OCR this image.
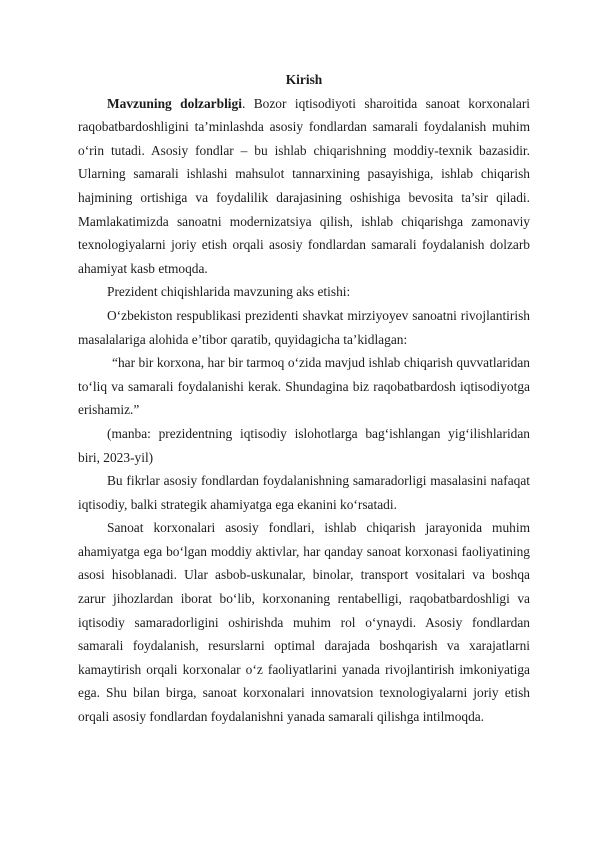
Kirish

Mavzuning dolzarbligi. Bozor iqtisodiyoti sharoitida sanoat korxonalari raqobatbardoshligini ta’minlashda asosiy fondlardan samarali foydalanish muhim o‘rin tutadi. Asosiy fondlar – bu ishlab chiqarishning moddiy-texnik bazasidir. Ularning samarali ishlashi mahsulot tannarxining pasayishiga, ishlab chiqarish hajmining ortishiga va foydalilik darajasining oshishiga bevosita ta’sir qiladi. Mamlakatimizda sanoatni modernizatsiya qilish, ishlab chiqarishga zamonaviy texnologiyalarni joriy etish orqali asosiy fondlardan samarali foydalanish dolzarb ahamiyat kasb etmoqda.

Prezident chiqishlarida mavzuning aks etishi:

O‘zbekiston respublikasi prezidenti shavkat mirziyoyev sanoatni rivojlantirish masalalariga alohida e’tibor qaratib, quyidagicha ta’kidlagan:

“har bir korxona, har bir tarmoq o‘zida mavjud ishlab chiqarish quvvatlaridan to‘liq va samarali foydalanishi kerak. Shundagina biz raqobatbardosh iqtisodiyotga erishamiz.”

(manba: prezidentning iqtisodiy islohotlarga bag‘ishlangan yig‘ilishlaridan biri, 2023-yil)

Bu fikrlar asosiy fondlardan foydalanishning samaradorligi masalasini nafaqat iqtisodiy, balki strategik ahamiyatga ega ekanini ko‘rsatadi.

Sanoat korxonalari asosiy fondlari, ishlab chiqarish jarayonida muhim ahamiyatga ega bo‘lgan moddiy aktivlar, har qanday sanoat korxonasi faoliyatining asosi hisoblanadi. Ular asbob-uskunalar, binolar, transport vositalari va boshqa zarur jihozlardan iborat bo‘lib, korxonaning rentabelligi, raqobatbardoshligi va iqtisodiy samaradorligini oshirishda muhim rol o‘ynaydi. Asosiy fondlardan samarali foydalanish, resurslarni optimal darajada boshqarish va xarajatlarni kamaytirish orqali korxonalar o‘z faoliyatlarini yanada rivojlantirish imkoniyatiga ega. Shu bilan birga, sanoat korxonalari innovatsion texnologiyalarni joriy etish orqali asosiy fondlardan foydalanishni yanada samarali qilishga intilmoqda.
